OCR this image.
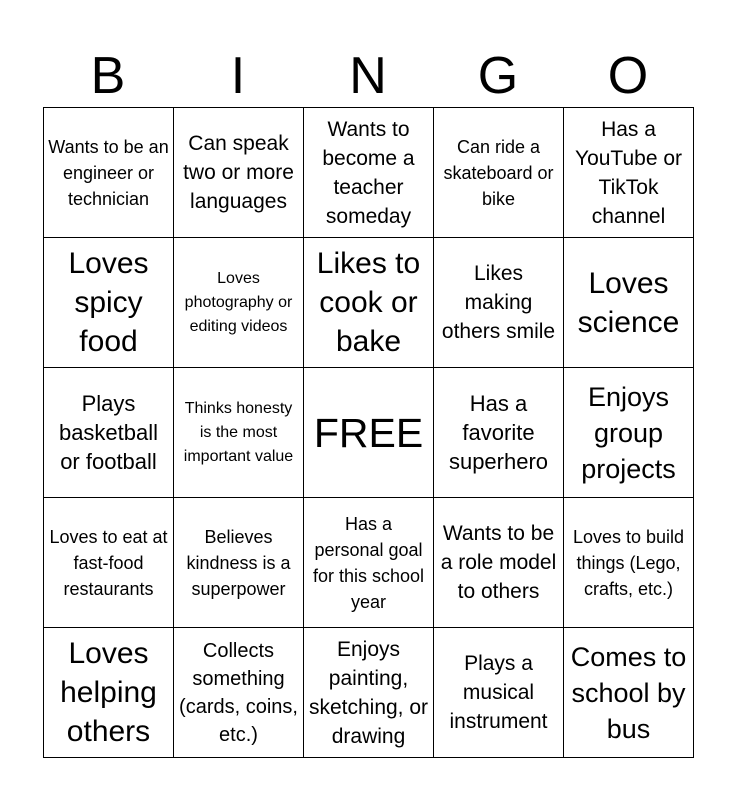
B	I	N	G	O
Wants to be an engineer or technician	Can speak two or more languages	Wants to become a teacher someday	Can ride a skateboard or bike	Has a YouTube or TikTok channel
Loves spicy food	Loves photography or editing videos	Likes to cook or bake	Likes making others smile	Loves science
Plays basketball or football	Thinks honesty is the most important value	FREE	Has a favorite superhero	Enjoys group projects
Loves to eat at fast-food restaurants	Believes kindness is a superpower	Has a personal goal for this school year	Wants to be a role model to others	Loves to build things (Lego, crafts, etc.)
Loves helping others	Collects something (cards, coins, etc.)	Enjoys painting, sketching, or drawing	Plays a musical instrument	Comes to school by bus
